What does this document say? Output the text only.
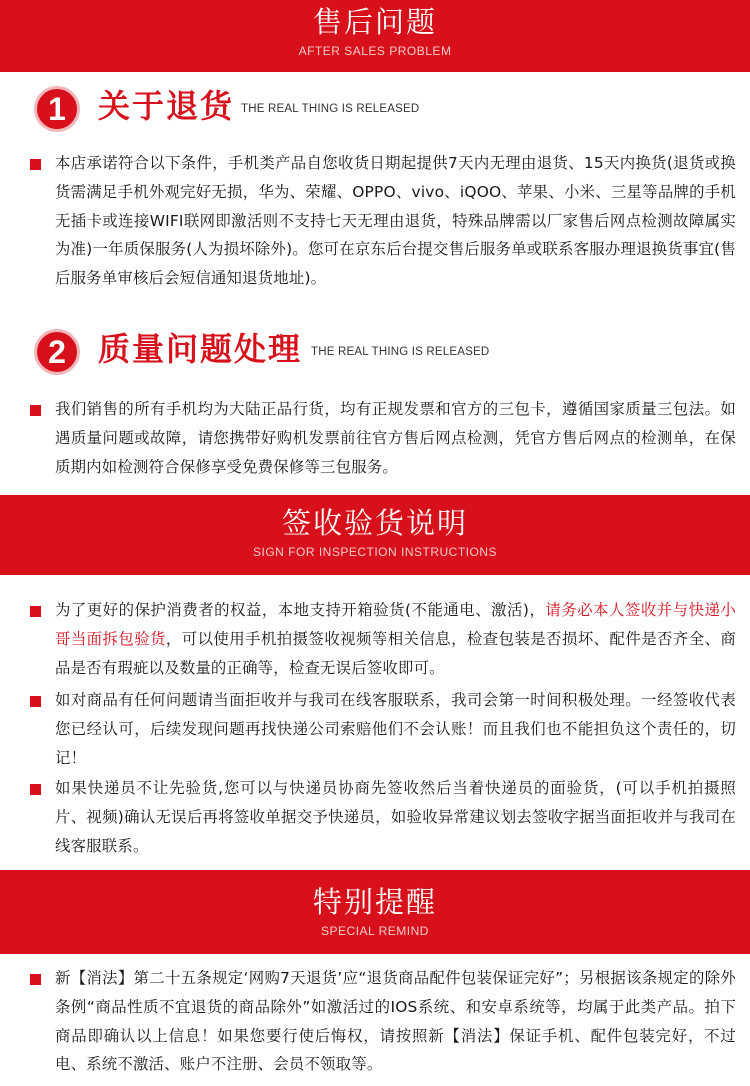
售后问题
AFTER SALES PROBLEM
1	关于退货 THE REAL THING IS RELEASED
本店承诺符合以下条件，手机类产品自您收货日期起提供7天内无理由退货、15天内换货(退货或换货需满足手机外观完好无损，华为、荣耀、OPPO、vivo、iQOO、苹果、小米、三星等品牌的手机无插卡或连接WIFI联网即激活则不支持七天无理由退货，特殊品牌需以厂家售后网点检测故障属实为准)一年质保服务(人为损坏除外)。您可在京东后台提交售后服务单或联系客服办理退换货事宜(售后服务单审核后会短信通知退货地址)。
2	质量问题处理 THE REAL THING IS RELEASED
我们销售的所有手机均为大陆正品行货，均有正规发票和官方的三包卡，遵循国家质量三包法。如遇质量问题或故障，请您携带好购机发票前往官方售后网点检测，凭官方售后网点的检测单，在保质期内如检测符合保修享受免费保修等三包服务。
签收验货说明
SIGN FOR INSPECTION INSTRUCTIONS
为了更好的保护消费者的权益，本地支持开箱验货(不能通电、激活)，请务必本人签收并与快递小哥当面拆包验货，可以使用手机拍摄签收视频等相关信息，检查包装是否损坏、配件是否齐全、商品是否有瑕疵以及数量的正确等，检查无误后签收即可。
如对商品有任何问题请当面拒收并与我司在线客服联系，我司会第一时间积极处理。一经签收代表您已经认可，后续发现问题再找快递公司索赔他们不会认账！而且我们也不能担负这个责任的，切记！
如果快递员不让先验货,您可以与快递员协商先签收然后当着快递员的面验货，(可以手机拍摄照片、视频)确认无误后再将签收单据交予快递员，如验收异常建议划去签收字据当面拒收并与我司在线客服联系。
特别提醒
SPECIAL REMIND
新【消法】第二十五条规定‘网购7天退货’应“退货商品配件包装保证完好”；另根据该条规定的除外条例“商品性质不宜退货的商品除外”如激活过的IOS系统、和安卓系统等，均属于此类产品。拍下商品即确认以上信息！如果您要行使后悔权，请按照新【消法】保证手机、配件包装完好，不过电、系统不激活、账户不注册、会员不领取等。
